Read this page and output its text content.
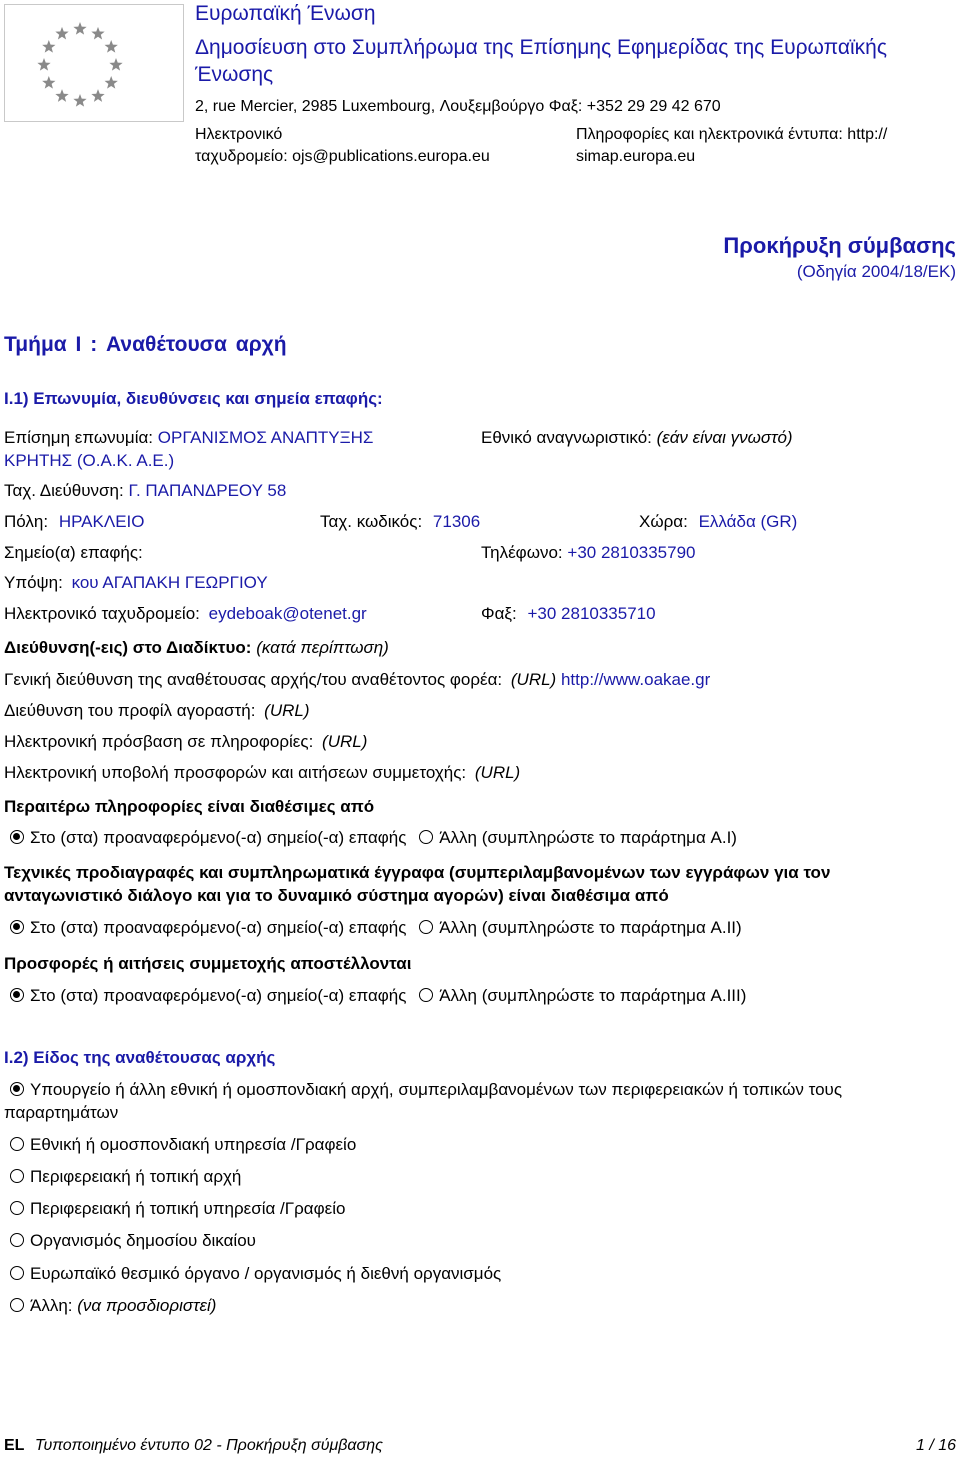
Ευρωπαϊκή Ένωση
Δημοσίευση στο Συμπλήρωμα της Επίσημης Εφημερίδας της Ευρωπαϊκής
Ένωσης
2, rue Mercier, 2985 Luxembourg, Λουξεμβούργο Φαξ: +352 29 29 42 670
Ηλεκτρονικό
ταχυδρομείο: ojs@publications.europa.eu
Πληροφορίες και ηλεκτρονικά έντυπα: http://
simap.europa.eu
Προκήρυξη σύμβασης
(Οδηγία 2004/18/ΕΚ)
Τμήμα I : Αναθέτουσα αρχή
I.1) Επωνυμία, διευθύνσεις και σημεία επαφής:
Επίσημη επωνυμία: ΟΡΓΑΝΙΣΜΟΣ ΑΝΑΠΤΥΞΗΣ
ΚΡΗΤΗΣ (Ο.Α.Κ. Α.Ε.)
Εθνικό αναγνωριστικό: (εάν είναι γνωστό)
Ταχ. Διεύθυνση: Γ. ΠΑΠΑΝΔΡΕΟΥ 58
Πόλη: ΗΡΑΚΛΕΙΟ	Ταχ. κωδικός: 71306	Χώρα: Ελλάδα (GR)
Σημείο(α) επαφής:	Τηλέφωνο: +30 2810335790
Υπόψη: κου ΑΓΑΠΑΚΗ ΓΕΩΡΓΙΟΥ
Ηλεκτρονικό ταχυδρομείο: eydeboak@otenet.gr	Φαξ: +30 2810335710
Διεύθυνση(-εις) στο Διαδίκτυο: (κατά περίπτωση)
Γενική διεύθυνση της αναθέτουσας αρχής/του αναθέτοντος φορέα: (URL) http://www.oakae.gr
Διεύθυνση του προφίλ αγοραστή: (URL)
Ηλεκτρονική πρόσβαση σε πληροφορίες: (URL)
Ηλεκτρονική υποβολή προσφορών και αιτήσεων συμμετοχής: (URL)
Περαιτέρω πληροφορίες είναι διαθέσιμες από
Στο (στα) προαναφερόμενο(-α) σημείο(-α) επαφής Άλλη (συμπληρώστε το παράρτημα A.I)
Τεχνικές προδιαγραφές και συμπληρωματικά έγγραφα (συμπεριλαμβανομένων των εγγράφων για τον
ανταγωνιστικό διάλογο και για το δυναμικό σύστημα αγορών) είναι διαθέσιμα από
Στο (στα) προαναφερόμενο(-α) σημείο(-α) επαφής Άλλη (συμπληρώστε το παράρτημα A.II)
Προσφορές ή αιτήσεις συμμετοχής αποστέλλονται
Στο (στα) προαναφερόμενο(-α) σημείο(-α) επαφής Άλλη (συμπληρώστε το παράρτημα A.III)
I.2) Είδος της αναθέτουσας αρχής
Υπουργείο ή άλλη εθνική ή ομοσπονδιακή αρχή, συμπεριλαμβανομένων των περιφερειακών ή τοπικών τους
παραρτημάτων
Εθνική ή ομοσπονδιακή υπηρεσία /Γραφείο
Περιφερειακή ή τοπική αρχή
Περιφερειακή ή τοπική υπηρεσία /Γραφείο
Οργανισμός δημοσίου δικαίου
Ευρωπαϊκό θεσμικό όργανο / οργανισμός ή διεθνή οργανισμός
Άλλη: (να προσδιοριστεί)
EL Τυποποιημένο έντυπο 02 - Προκήρυξη σύμβασης	1 / 16
